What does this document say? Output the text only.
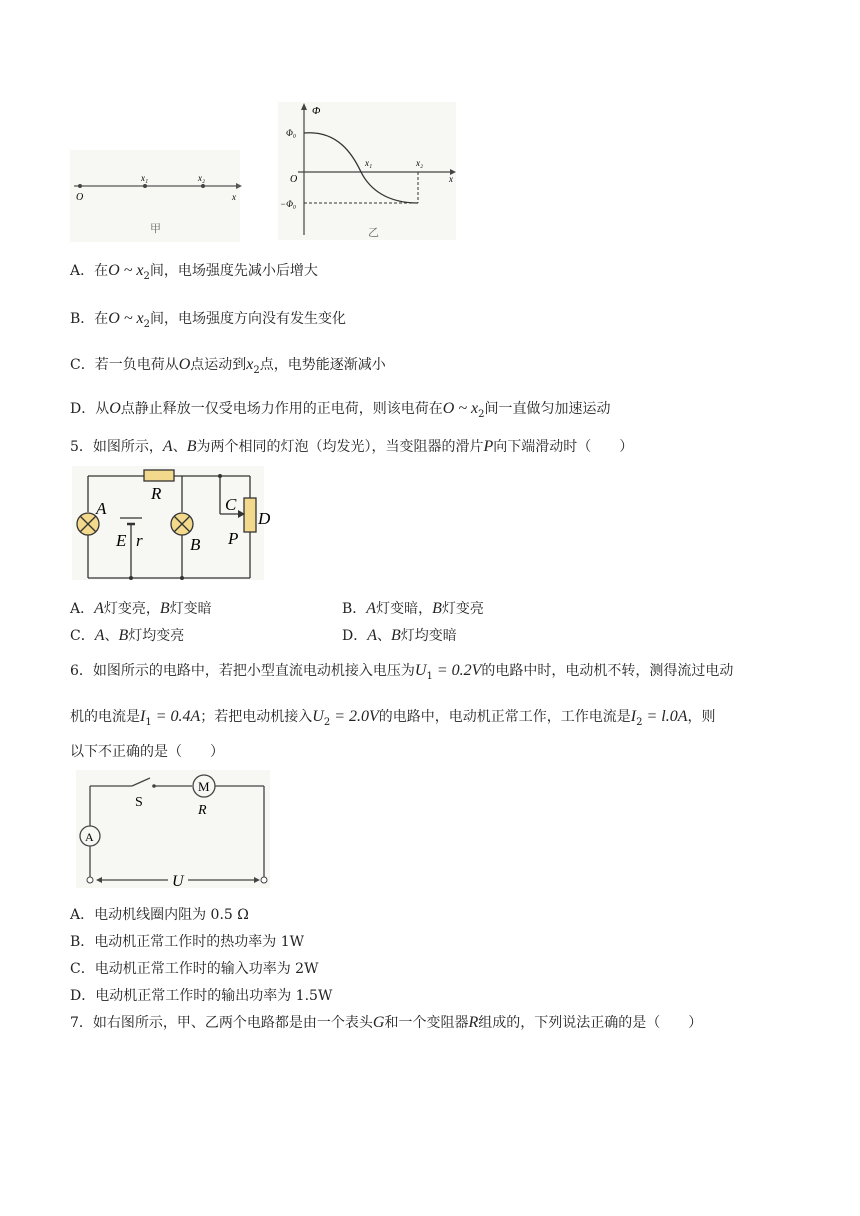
O
x₁	x₂
x
甲
Φ
Φ₀
O
x₁	x₂
x
−Φ₀
乙
A．在O ~ $x_2$间，电场强度先减小后增大
B．在O ~ $x_2$间，电场强度方向没有发生变化
C．若一负电荷从O点运动到$x_2$点，电势能逐渐减小
D．从O点静止释放一仅受电场力作用的正电荷，则该电荷在O ~ $x_2$间一直做匀加速运动
5．如图所示，A、B为两个相同的灯泡（均发光），当变阻器的滑片P向下端滑动时（　　）
A
R
C
D
E r	B P
A．A灯变亮，B灯变暗	B．A灯变暗，B灯变亮
C．A、B灯均变亮	D．A、B灯均变暗
6．如图所示的电路中，若把小型直流电动机接入电压为$U_1 = 0.2V$的电路中时，电动机不转，测得流过电动
机的电流是$I_1 = 0.4A$；若把电动机接入$U_2 = 2.0V$的电路中，电动机正常工作，工作电流是$I_2 = l.0A$，则
以下不正确的是（　　）
S
M
R
A
U
A．电动机线圈内阻为 0.5 Ω
B．电动机正常工作时的热功率为 1W
C．电动机正常工作时的输入功率为 2W
D．电动机正常工作时的输出功率为 1.5W
7．如右图所示，甲、乙两个电路都是由一个表头G和一个变阻器R组成的，下列说法正确的是（　　）
